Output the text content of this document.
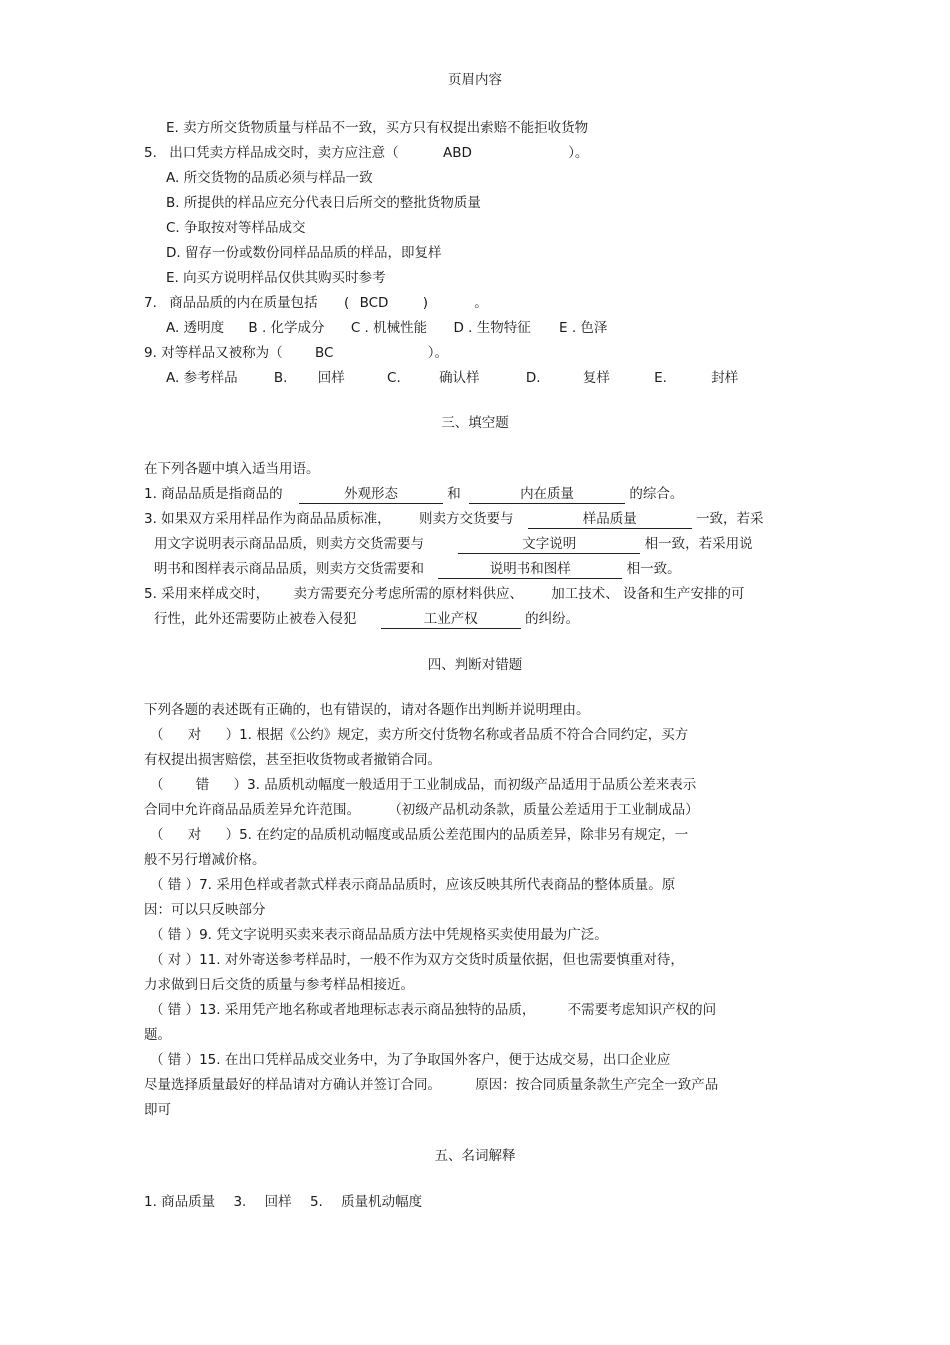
页眉内容
E. 卖方所交货物质量与样品不一致，买方只有权提出索赔不能拒收货物
5. 出口凭卖方样品成交时，卖方应注意（	ABD	）。
A. 所交货物的品质必须与样品一致
B. 所提供的样品应充分代表日后所交的整批货物质量
C. 争取按对等样品成交
D. 留存一份或数份同样品品质的样品，即复样
E. 向买方说明样品仅供其购买时参考
7. 商品品质的内在质量包括 ( BCD	)	。
A. 透明度 B . 化学成分 C . 机械性能 D . 生物特征 E . 色泽
9. 对等样品又被称为（ BC	）。
A. 参考样品	B. 回样	C.	确认样	D.	复样	E.	封样
三、填空题
在下列各题中填入适当用语。
1. 商品品质是指商品的	外观形态	和	内在质量	的综合。
3. 如果双方采用样品作为商品品质标准， 则卖方交货要与	样品质量	一致，若采
用文字说明表示商品品质，则卖方交货需要与	文字说明	相一致，若采用说
明书和图样表示商品品质，则卖方交货需要和	说明书和图样	相一致。
5. 采用来样成交时， 卖方需要充分考虑所需的原材料供应、 加工技术、 设备和生产安排的可
行性，此外还需要防止被卷入侵犯	工业产权	的纠纷。
四、判断对错题
下列各题的表述既有正确的，也有错误的，请对各题作出判断并说明理由。
（ 对 ）1. 根据《公约》规定，卖方所交付货物名称或者品质不符合合同约定，买方
有权提出损害赔偿，甚至拒收货物或者撤销合同。
（ 错 ）3. 品质机动幅度一般适用于工业制成品，而初级产品适用于品质公差来表示
合同中允许商品品质差异允许范围。 （初级产品机动条款，质量公差适用于工业制成品）
（ 对 ）5. 在约定的品质机动幅度或品质公差范围内的品质差异，除非另有规定，一
般不另行增减价格。
（ 错 ）7. 采用色样或者款式样表示商品品质时，应该反映其所代表商品的整体质量。原
因：可以只反映部分
（ 错 ）9. 凭文字说明买卖来表示商品品质方法中凭规格买卖使用最为广泛。
（ 对 ）11. 对外寄送参考样品时，一般不作为双方交货时质量依据，但也需要慎重对待，
力求做到日后交货的质量与参考样品相接近。
（ 错 ）13. 采用凭产地名称或者地理标志表示商品独特的品质， 不需要考虑知识产权的问
题。
（ 错 ）15. 在出口凭样品成交业务中，为了争取国外客户，便于达成交易，出口企业应
尽量选择质量最好的样品请对方确认并签订合同。	原因：按合同质量条款生产完全一致产品
即可
五、名词解释
1. 商品质量 3. 回样 5. 质量机动幅度
